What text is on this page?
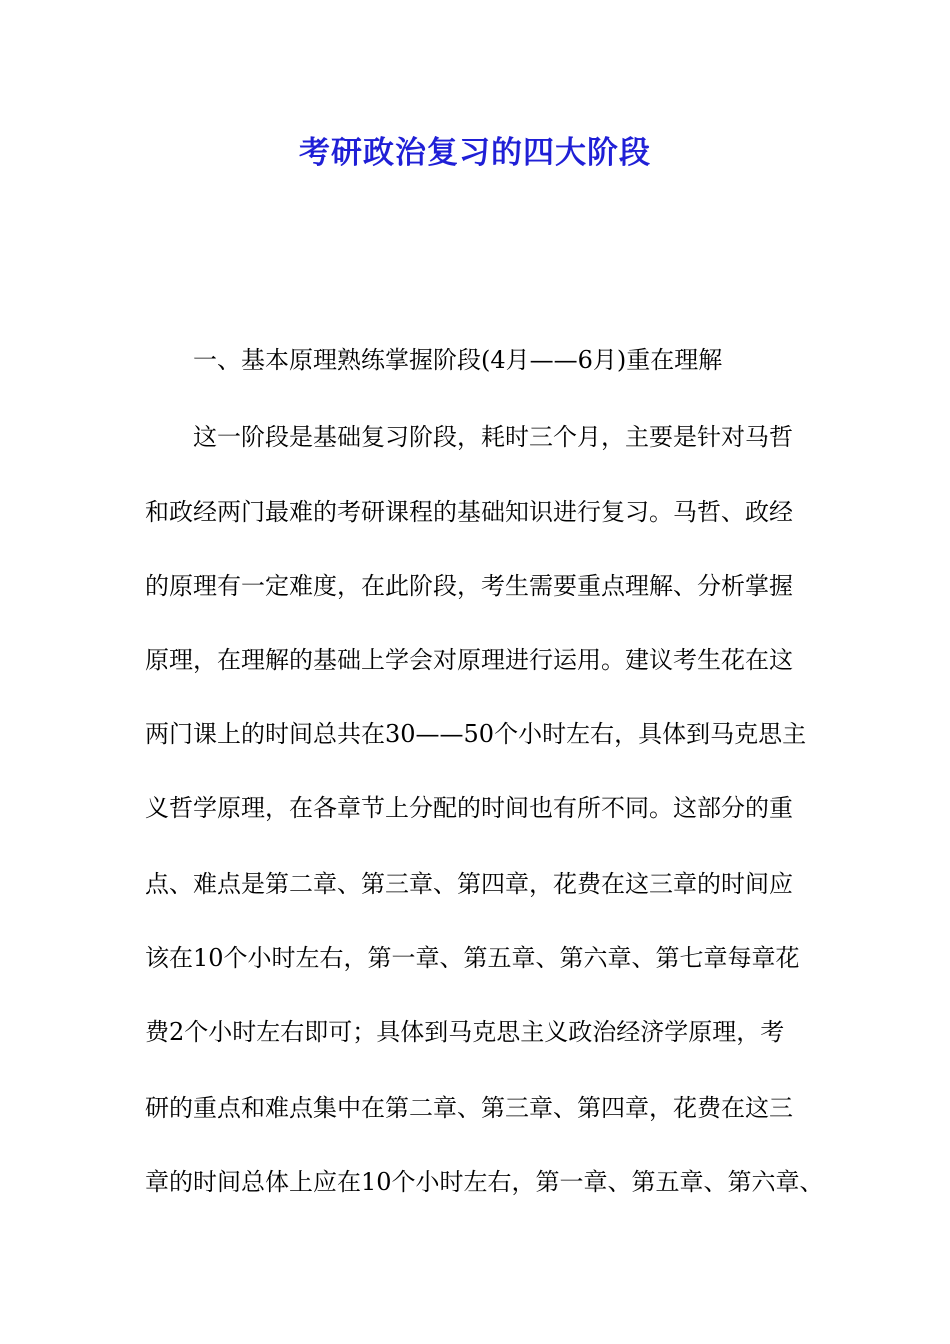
考研政治复习的四大阶段

一、基本原理熟练掌握阶段(4月——6月)重在理解

这一阶段是基础复习阶段，耗时三个月，主要是针对马哲

和政经两门最难的考研课程的基础知识进行复习。马哲、政经

的原理有一定难度，在此阶段，考生需要重点理解、分析掌握

原理，在理解的基础上学会对原理进行运用。建议考生花在这

两门课上的时间总共在30——50个小时左右，具体到马克思主

义哲学原理，在各章节上分配的时间也有所不同。这部分的重

点、难点是第二章、第三章、第四章，花费在这三章的时间应

该在10个小时左右，第一章、第五章、第六章、第七章每章花

费2个小时左右即可；具体到马克思主义政治经济学原理，考

研的重点和难点集中在第二章、第三章、第四章，花费在这三

章的时间总体上应在10个小时左右，第一章、第五章、第六章、
